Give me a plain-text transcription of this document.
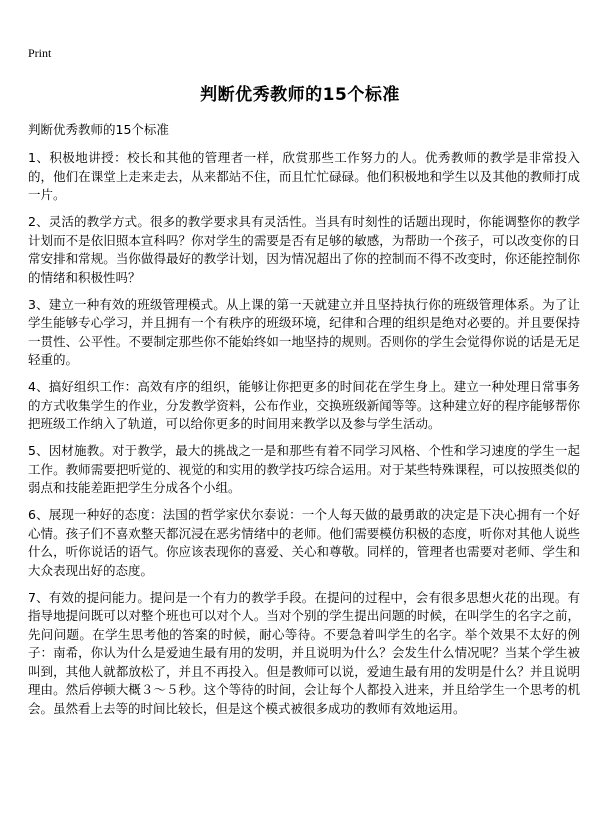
Print
判断优秀教师的15个标准

判断优秀教师的15个标准

1、积极地讲授：校长和其他的管理者一样，欣赏那些工作努力的人。优秀教师的教学是非常投入的，他们在课堂上走来走去，从来都站不住，而且忙忙碌碌。他们积极地和学生以及其他的教师打成一片。

2、灵活的教学方式。很多的教学要求具有灵活性。当具有时刻性的话题出现时，你能调整你的教学计划而不是依旧照本宣科吗？你对学生的需要是否有足够的敏感，为帮助一个孩子，可以改变你的日常安排和常规。当你做得最好的教学计划，因为情况超出了你的控制而不得不改变时，你还能控制你的情绪和积极性吗？

3、建立一种有效的班级管理模式。从上课的第一天就建立并且坚持执行你的班级管理体系。为了让学生能够专心学习，并且拥有一个有秩序的班级环境，纪律和合理的组织是绝对必要的。并且要保持一贯性、公平性。不要制定那些你不能始终如一地坚持的规则。否则你的学生会觉得你说的话是无足轻重的。

4、搞好组织工作：高效有序的组织，能够让你把更多的时间花在学生身上。建立一种处理日常事务的方式收集学生的作业，分发教学资料，公布作业，交换班级新闻等等。这种建立好的程序能够帮你把班级工作纳入了轨道，可以给你更多的时间用来教学以及参与学生活动。

5、因材施教。对于教学，最大的挑战之一是和那些有着不同学习风格、个性和学习速度的学生一起工作。教师需要把听觉的、视觉的和实用的教学技巧综合运用。对于某些特殊课程，可以按照类似的弱点和技能差距把学生分成各个小组。

6、展现一种好的态度：法国的哲学家伏尔泰说：一个人每天做的最勇敢的决定是下决心拥有一个好心情。孩子们不喜欢整天都沉浸在恶劣情绪中的老师。他们需要模仿积极的态度，听你对其他人说些什么，听你说话的语气。你应该表现你的喜爱、关心和尊敬。同样的，管理者也需要对老师、学生和大众表现出好的态度。

7、有效的提问能力。提问是一个有力的教学手段。在提问的过程中，会有很多思想火花的出现。有指导地提问既可以对整个班也可以对个人。当对个别的学生提出问题的时候，在叫学生的名字之前，先问问题。在学生思考他的答案的时候，耐心等待。不要急着叫学生的名字。举个效果不太好的例子：南希，你认为什么是爱迪生最有用的发明，并且说明为什么？会发生什么情况呢？当某个学生被叫到，其他人就都放松了，并且不再投入。但是教师可以说，爱迪生最有用的发明是什么？并且说明理由。然后停顿大概３～５秒。这个等待的时间，会让每个人都投入进来，并且给学生一个思考的机会。虽然看上去等的时间比较长，但是这个模式被很多成功的教师有效地运用。
